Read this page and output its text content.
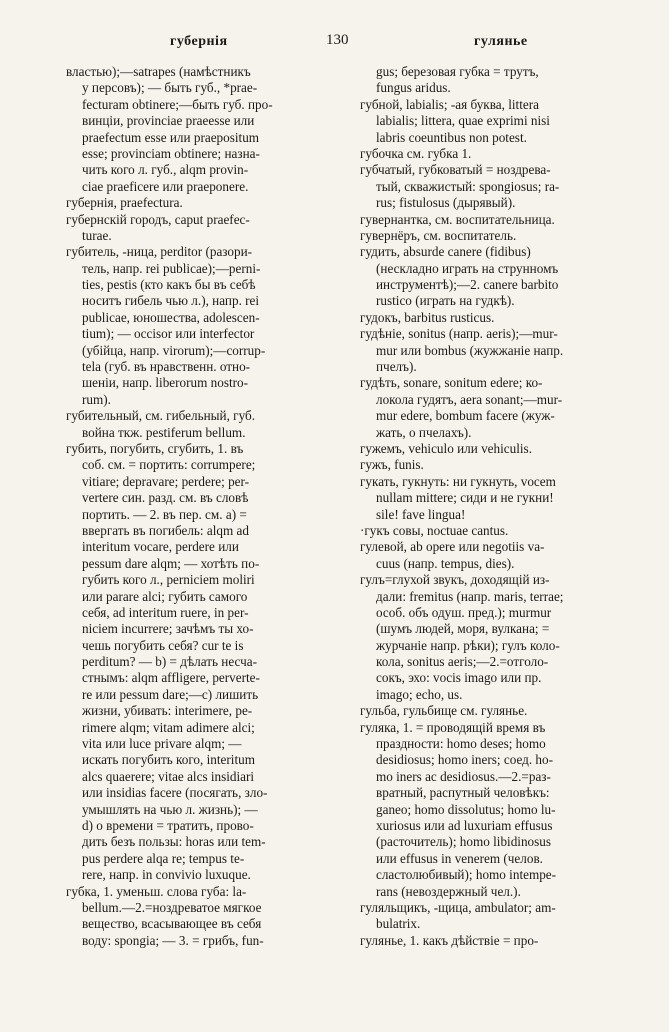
губернія	130	гулянье
властью);—satrapes (намѣстникъ
у персовъ); — быть губ., *prae-
fecturam obtinere;—быть губ. про-
винціи, provinciae praeesse или
praefectum esse или praepositum
esse; provinciam obtinere; назна-
чить кого л. губ., alqm provin-
ciae praeficere или praeponere.
губернія, praefectura.
губернскій городъ, caput praefec-
turae.
губитель, -ница, perditor (разори-
тель, напр. rei publicae);—perni-
ties, pestis (кто какъ бы въ себѣ
носитъ гибель чью л.), напр. rei
publicae, юношества, adolescen-
tium); — occisor или interfector
(убійца, напр. virorum);—corrup-
tela (губ. въ нравственн. отно-
шеніи, напр. liberorum nostro-
rum).
губительный, см. гибельный, губ.
война ткж. pestiferum bellum.
губить, погубить, сгубить, 1. въ
соб. см. = портить: corrumpere;
vitiare; depravare; perdere; per-
vertere син. разд. см. въ словѣ
портить. — 2. въ пер. см. a) =
ввергать въ погибель: alqm ad
interitum vocare, perdere или
pessum dare alqm; — хотѣть по-
губить кого л., perniciem moliri
или parare alci; губить самого
себя, ad interitum ruere, in per-
niciem incurrere; зачѣмъ ты хо-
чешь погубить себя? cur te is
perditum? — b) = дѣлать несча-
стнымъ: alqm affligere, perverte-
re или pessum dare;—c) лишить
жизни, убивать: interimere, pe-
rimere alqm; vitam adimere alci;
vita или luce privare alqm; —
искать погубить кого, interitum
alcs quaerere; vitae alcs insidiari
или insidias facere (посягать, зло-
умышлять на чью л. жизнь); —
d) о времени = тратить, прово-
дить безъ пользы: horas или tem-
pus perdere alqa re; tempus te-
rere, напр. in convivio luxuque.
губка, 1. уменьш. слова губа: la-
bellum.—2.=ноздреватое мягкое
вещество, всасывающее въ себя
воду: spongia; — 3. = грибъ, fun-
gus; березовая губка = трутъ,
fungus aridus.
губной, labialis; -ая буква, littera
labialis; littera, quae exprimi nisi
labris coeuntibus non potest.
губочка см. губка 1.
губчатый, губковатый = ноздрева-
тый, скважистый: spongiosus; ra-
rus; fistulosus (дырявый).
гувернантка, см. воспитательница.
гувернёръ, см. воспитатель.
гудить, absurde canere (fidibus)
(нескладно играть на струнномъ
инструментѣ);—2. canere barbito
rustico (играть на гудкѣ).
гудокъ, barbitus rusticus.
гудѣніе, sonitus (напр. aeris);—mur-
mur или bombus (жужжаніе напр.
пчелъ).
гудѣть, sonare, sonitum edere; ко-
локола гудятъ, aera sonant;—mur-
mur edere, bombum facere (жуж-
жать, о пчелахъ).
гужемъ, vehiculo или vehiculis.
гужъ, funis.
гукать, гукнуть: ни гукнуть, vocem
nullam mittere; сиди и не гукни!
sile! fave lingua!
·гукъ совы, noctuae cantus.
гулевой, ab opere или negotiis va-
cuus (напр. tempus, dies).
гулъ=глухой звукъ, доходящій из-
дали: fremitus (напр. maris, terrae;
особ. объ одуш. пред.); murmur
(шумъ людей, моря, вулкана; =
журчаніе напр. рѣки); гулъ коло-
кола, sonitus aeris;—2.=отголо-
сокъ, эхо: vocis imago или пр.
imago; echo, us.
гульба, гульбище см. гулянье.
гуляка, 1. = проводящій время въ
праздности: homo deses; homo
desidiosus; homo iners; соед. ho-
mo iners ac desidiosus.—2.=раз-
вратный, распутный человѣкъ:
ganeo; homo dissolutus; homo lu-
xuriosus или ad luxuriam effusus
(расточитель); homo libidinosus
или effusus in venerem (челов.
сластолюбивый); homo intempe-
rans (невоздержный чел.).
гуляльщикъ, -щица, ambulator; am-
bulatrix.
гулянье, 1. какъ дѣйствіе = про-
